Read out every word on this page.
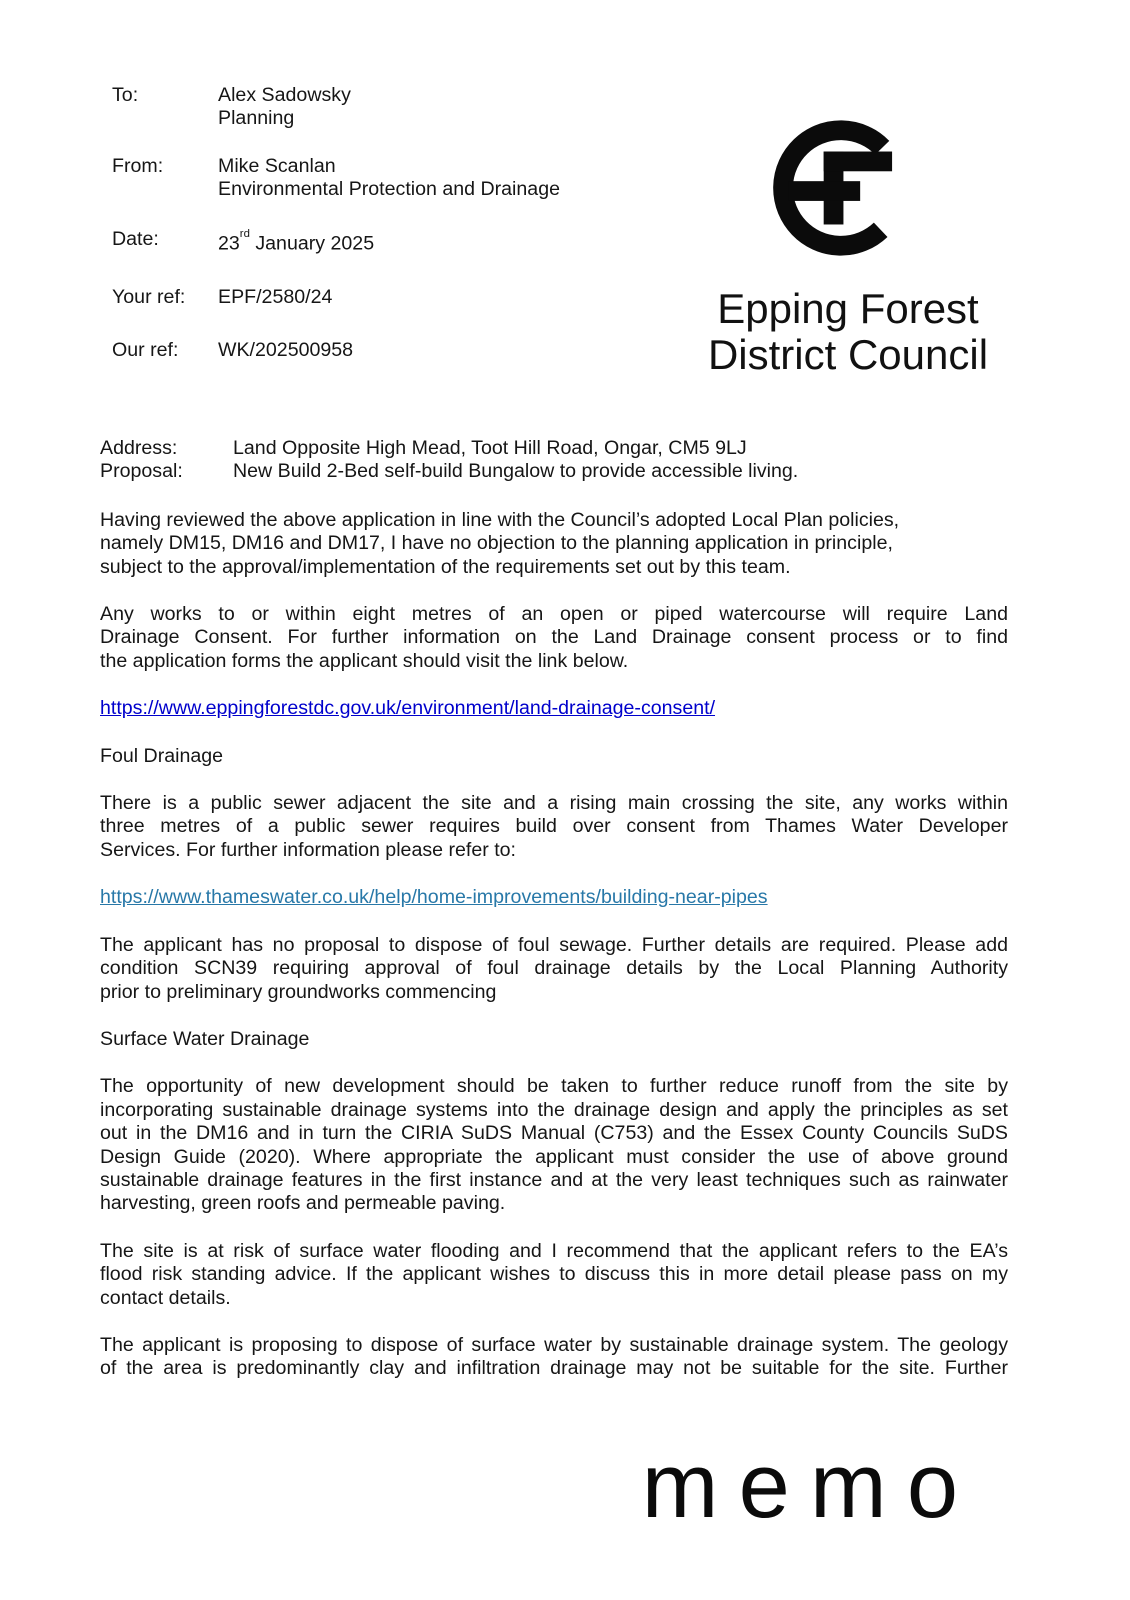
To:	Alex Sadowsky
Planning
From:	Mike Scanlan
Environmental Protection and Drainage
Date:	23rd January 2025
Your ref:	EPF/2580/24
Our ref:	WK/202500958
Epping Forest
District Council
Address:	Land Opposite High Mead, Toot Hill Road, Ongar, CM5 9LJ
Proposal:	New Build 2-Bed self-build Bungalow to provide accessible living.
Having reviewed the above application in line with the Council’s adopted Local Plan policies,
namely DM15, DM16 and DM17, I have no objection to the planning application in principle,
subject to the approval/implementation of the requirements set out by this team.
Any works to or within eight metres of an open or piped watercourse will require Land
Drainage Consent. For further information on the Land Drainage consent process or to find
the application forms the applicant should visit the link below.
https://www.eppingforestdc.gov.uk/environment/land-drainage-consent/
Foul Drainage
There is a public sewer adjacent the site and a rising main crossing the site, any works within
three metres of a public sewer requires build over consent from Thames Water Developer
Services. For further information please refer to:
https://www.thameswater.co.uk/help/home-improvements/building-near-pipes
The applicant has no proposal to dispose of foul sewage. Further details are required. Please add
condition SCN39 requiring approval of foul drainage details by the Local Planning Authority
prior to preliminary groundworks commencing
Surface Water Drainage
The opportunity of new development should be taken to further reduce runoff from the site by
incorporating sustainable drainage systems into the drainage design and apply the principles as set
out in the DM16 and in turn the CIRIA SuDS Manual (C753) and the Essex County Councils SuDS
Design Guide (2020). Where appropriate the applicant must consider the use of above ground
sustainable drainage features in the first instance and at the very least techniques such as rainwater
harvesting, green roofs and permeable paving.
The site is at risk of surface water flooding and I recommend that the applicant refers to the EA’s
flood risk standing advice. If the applicant wishes to discuss this in more detail please pass on my
contact details.
The applicant is proposing to dispose of surface water by sustainable drainage system. The geology
of the area is predominantly clay and infiltration drainage may not be suitable for the site. Further
memo
